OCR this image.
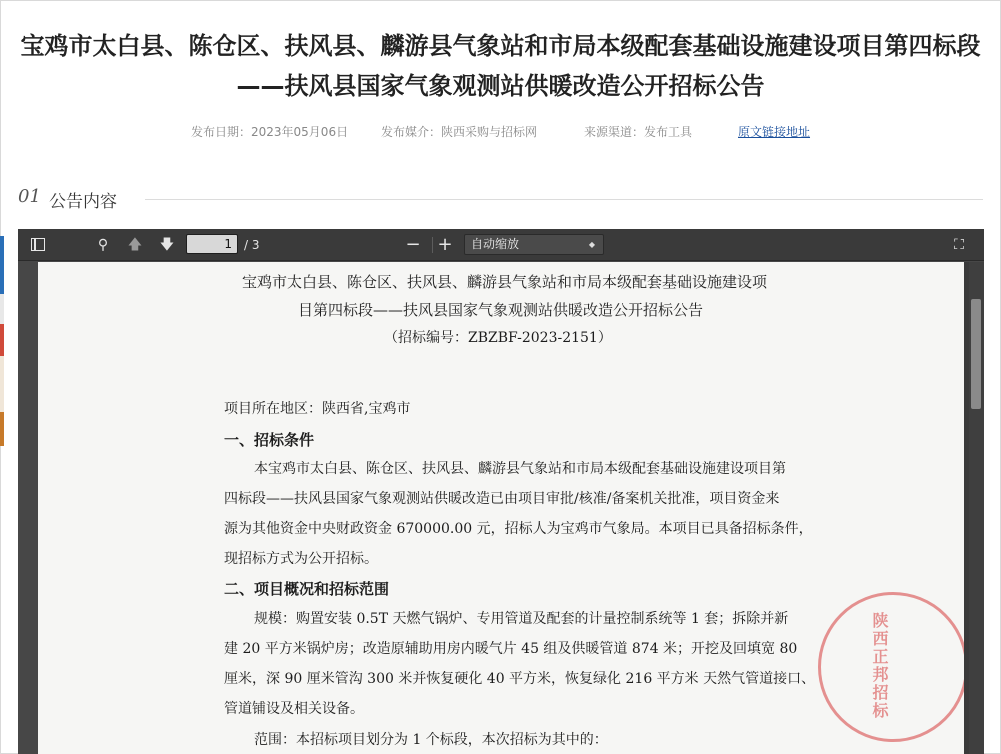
宝鸡市太白县、陈仓区、扶风县、麟游县气象站和市局本级配套基础设施建设项目第四标段——扶风县国家气象观测站供暖改造公开招标公告
发布日期：2023年05月06日	发布媒介：陕西采购与招标网	来源渠道：发布工具	原文链接地址
01 公告内容
⚲ 🡅 🡇
1	/ 3	− +	自动缩放	◆	⛶
宝鸡市太白县、陈仓区、扶风县、麟游县气象站和市局本级配套基础设施建设项
目第四标段——扶风县国家气象观测站供暖改造公开招标公告
（招标编号：ZBZBF-2023-2151）
项目所在地区：陕西省,宝鸡市
一、招标条件
本宝鸡市太白县、陈仓区、扶风县、麟游县气象站和市局本级配套基础设施建设项目第
四标段——扶风县国家气象观测站供暖改造已由项目审批/核准/备案机关批准，项目资金来
源为其他资金中央财政资金 670000.00 元，招标人为宝鸡市气象局。本项目已具备招标条件，
现招标方式为公开招标。
二、项目概况和招标范围
规模：购置安装 0.5T 天燃气锅炉、专用管道及配套的计量控制系统等 1 套；拆除并新
建 20 平方米锅炉房；改造原辅助用房内暖气片 45 组及供暖管道 874 米；开挖及回填宽 80
厘米，深 90 厘米管沟 300 米并恢复硬化 40 平方米，恢复绿化 216 平方米 天然气管道接口、
管道铺设及相关设备。
范围：本招标项目划分为 1 个标段，本次招标为其中的：
陕西正邦招标
